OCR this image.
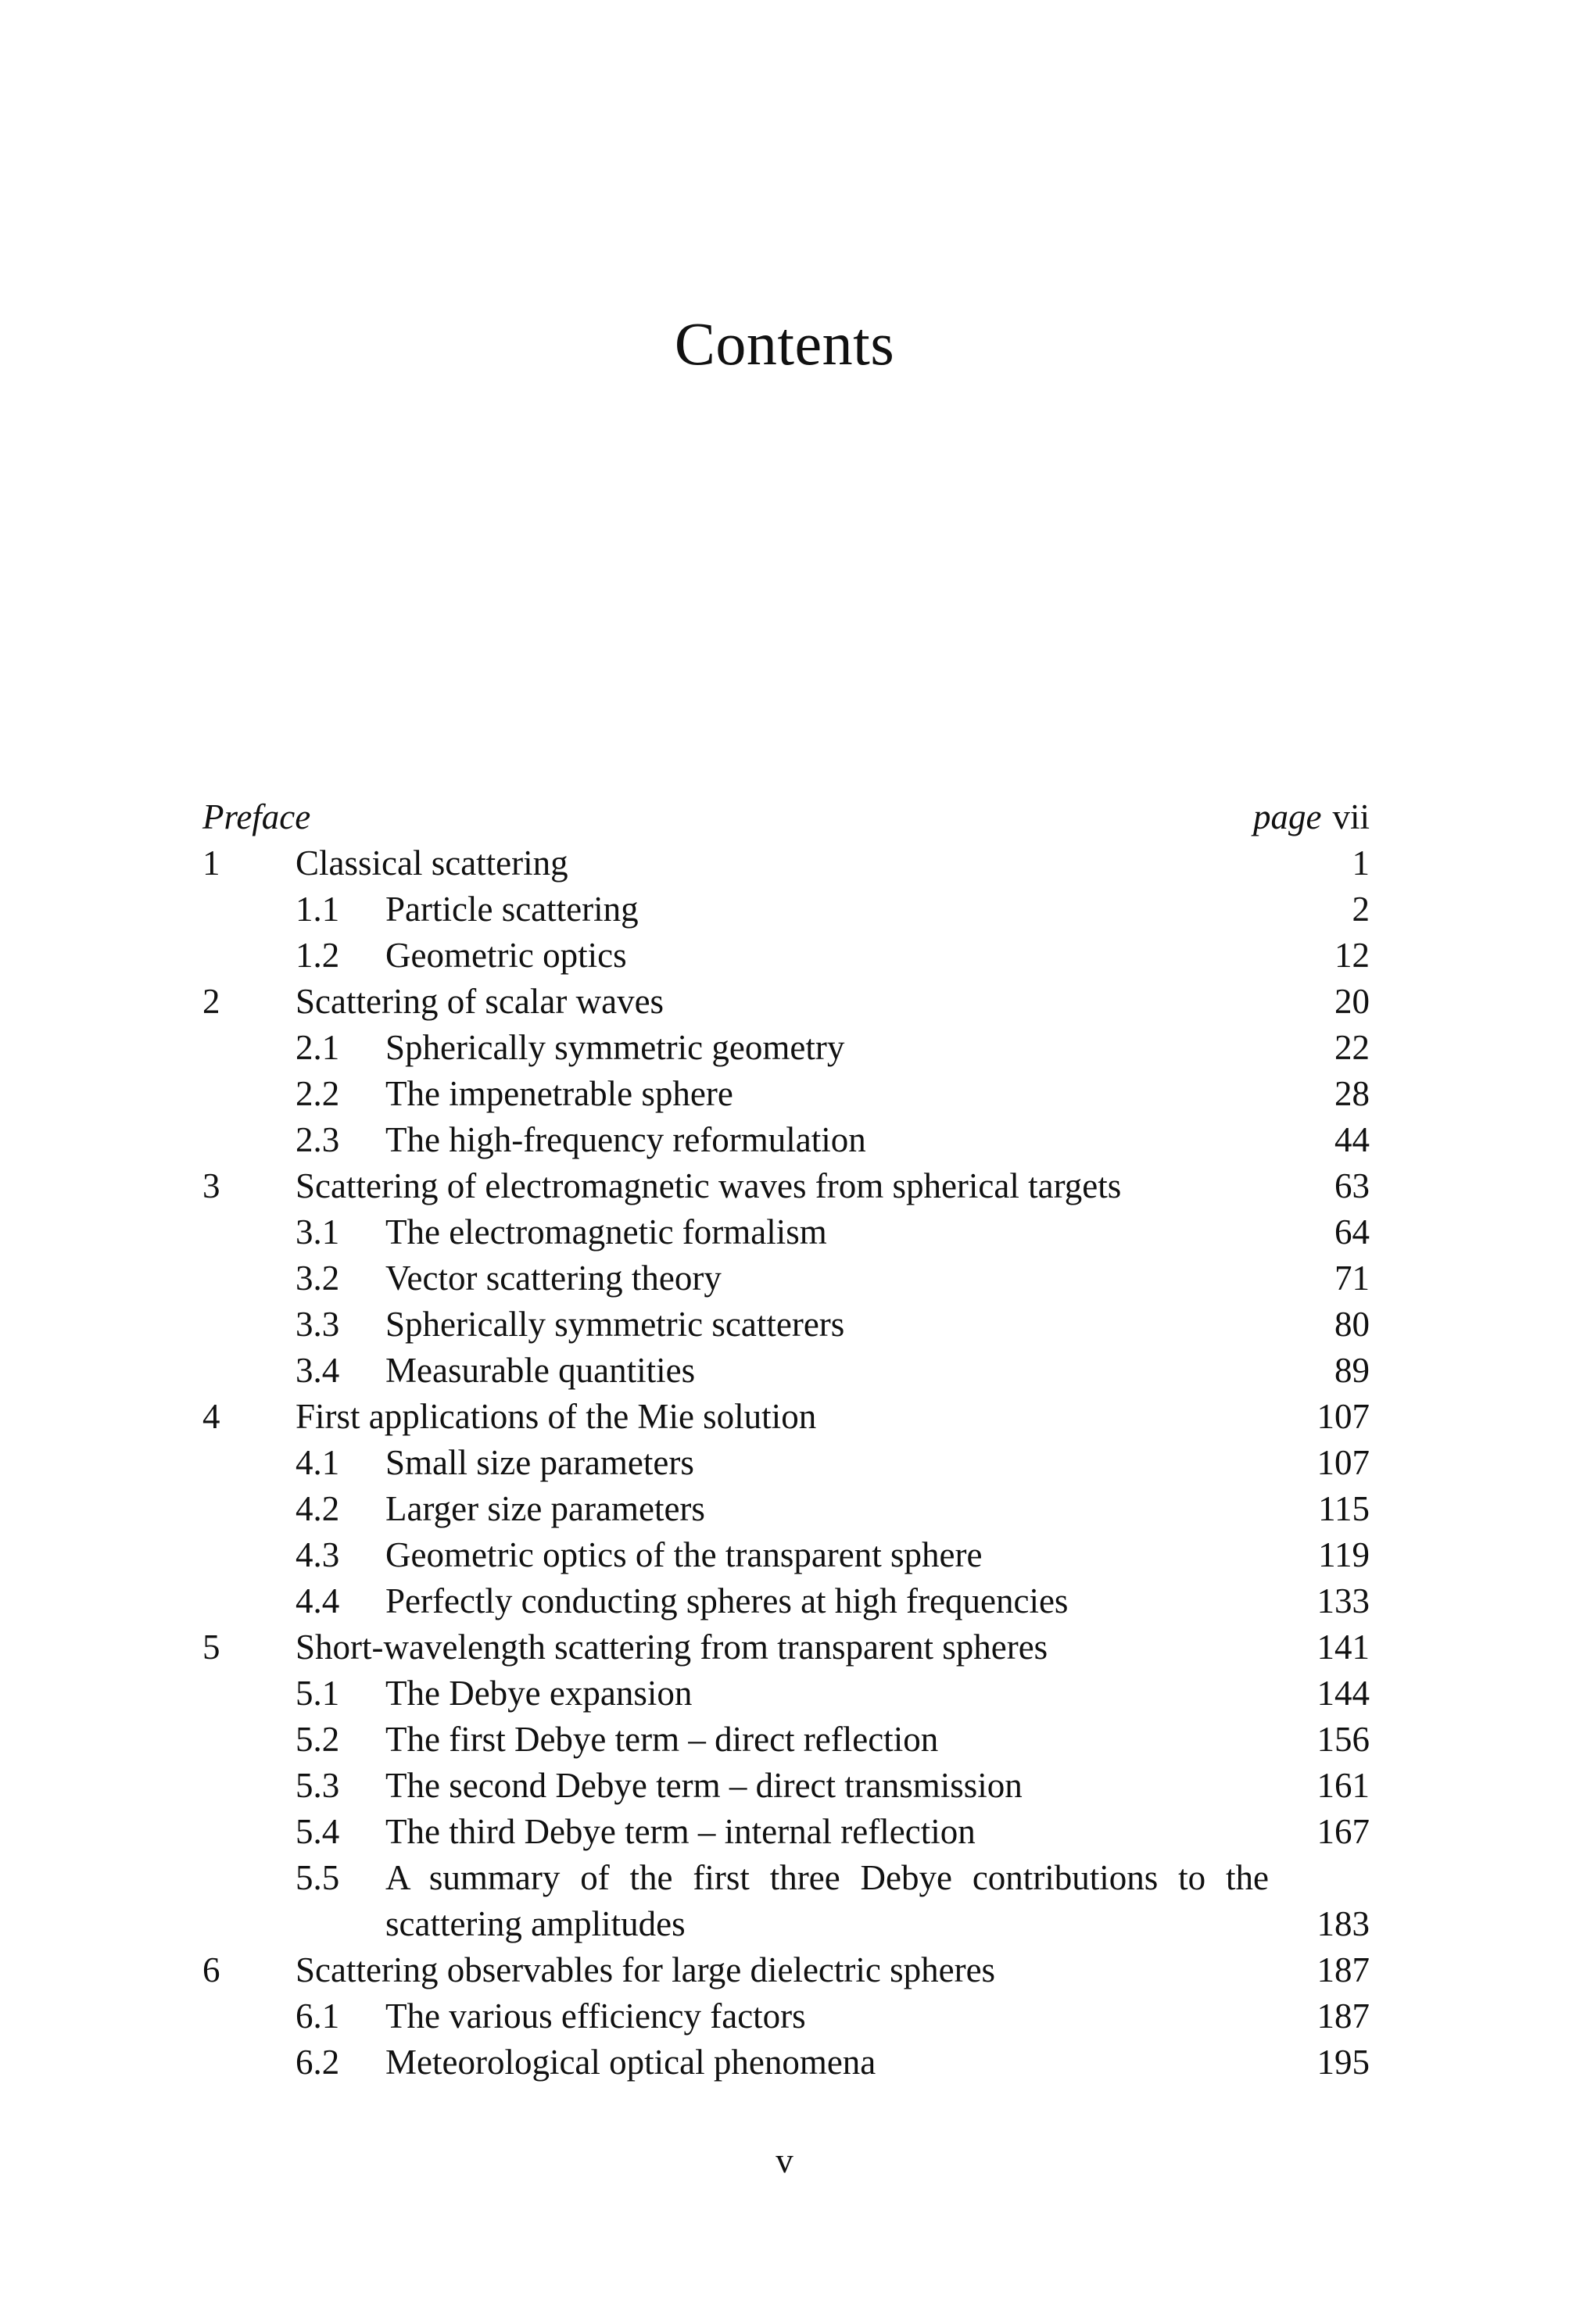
Contents
Preface	page vii
1 Classical scattering	1
1.1 Particle scattering	2
1.2 Geometric optics	12
2 Scattering of scalar waves	20
2.1 Spherically symmetric geometry	22
2.2 The impenetrable sphere	28
2.3 The high-frequency reformulation	44
3 Scattering of electromagnetic waves from spherical targets	63
3.1 The electromagnetic formalism	64
3.2 Vector scattering theory	71
3.3 Spherically symmetric scatterers	80
3.4 Measurable quantities	89
4 First applications of the Mie solution	107
4.1 Small size parameters	107
4.2 Larger size parameters	115
4.3 Geometric optics of the transparent sphere	119
4.4 Perfectly conducting spheres at high frequencies	133
5 Short-wavelength scattering from transparent spheres	141
5.1 The Debye expansion	144
5.2 The first Debye term – direct reflection	156
5.3 The second Debye term – direct transmission	161
5.4 The third Debye term – internal reflection	167
5.5 A summary of the first three Debye contributions to the scattering amplitudes	183
6 Scattering observables for large dielectric spheres	187
6.1 The various efficiency factors	187
6.2 Meteorological optical phenomena	195
v
